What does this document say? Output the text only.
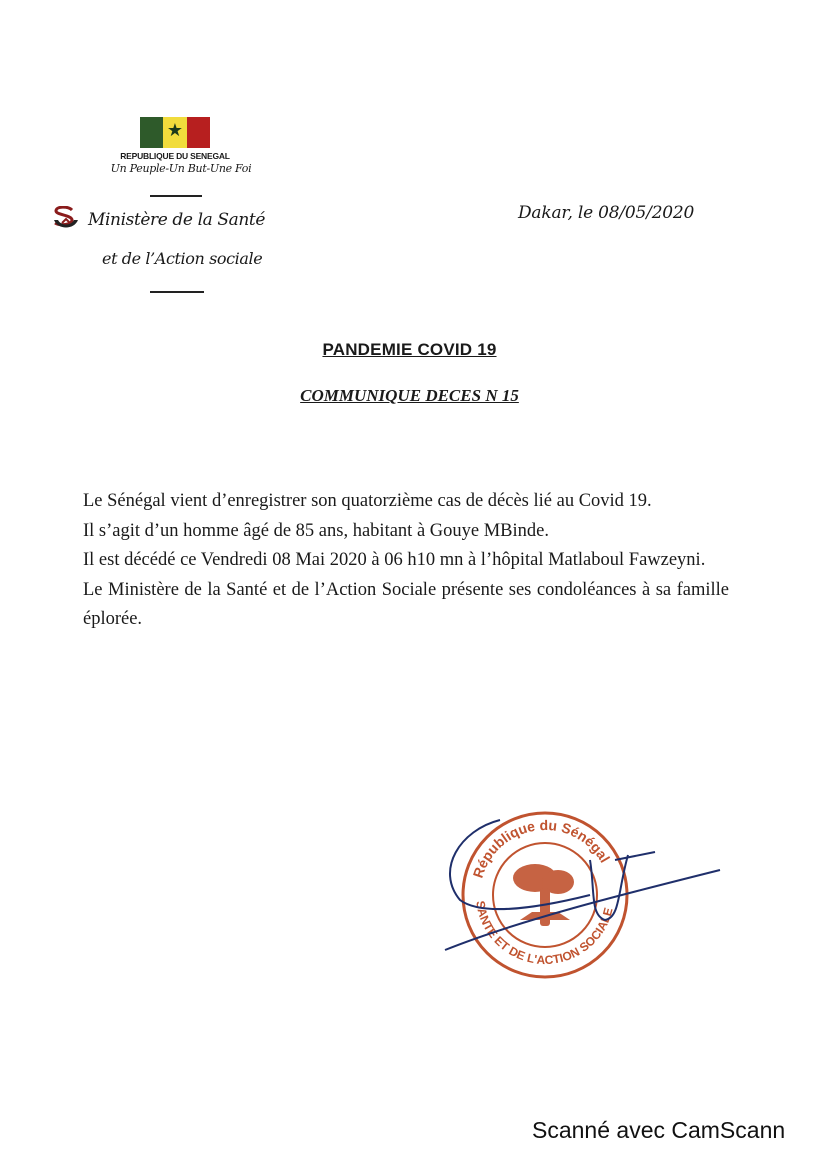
★
REPUBLIQUE DU SENEGAL
Un Peuple-Un But-Une Foi
Ministère de la Santé
et de l’Action sociale
Dakar, le 08/05/2020
PANDEMIE COVID 19
COMMUNIQUE DECES N 15

Le Sénégal vient d’enregistrer son quatorzième cas de décès lié au Covid 19.

Il s’agit d’un homme âgé de 85 ans, habitant à Gouye MBinde.

Il est décédé ce Vendredi 08 Mai 2020 à 06 h10 mn à l’hôpital Matlaboul Fawzeyni.

Le Ministère de la Santé et de l’Action Sociale présente ses condoléances à sa famille éplorée.

République du Sénégal
SANTE ET DE L'ACTION SOCIALE
Scanné avec CamScann
